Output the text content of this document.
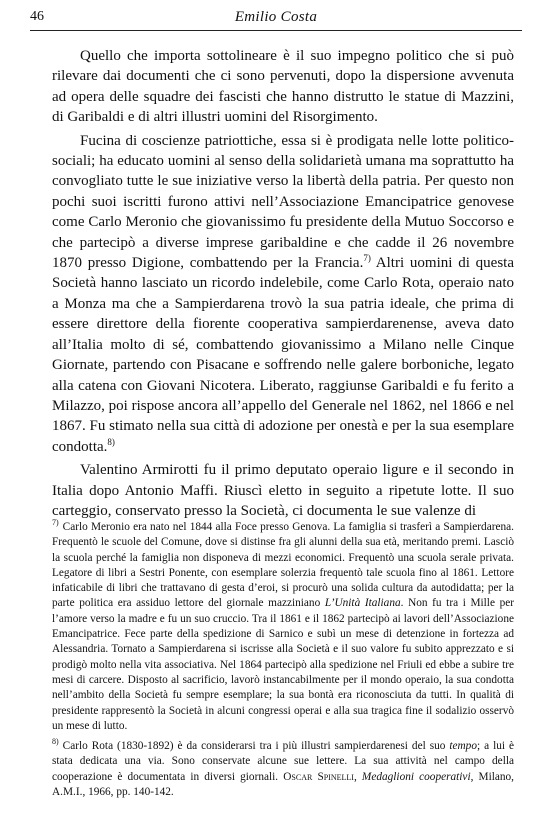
46	Emilio Costa

Quello che importa sottolineare è il suo impegno politico che si può rilevare dai documenti che ci sono pervenuti, dopo la dispersione avvenuta ad opera delle squadre dei fascisti che hanno distrutto le statue di Mazzini, di Garibaldi e di altri illustri uomini del Risorgimento.

Fucina di coscienze patriottiche, essa si è prodigata nelle lotte politico-sociali; ha educato uomini al senso della solidarietà umana ma soprattutto ha convogliato tutte le sue iniziative verso la libertà della patria. Per questo non pochi suoi iscritti furono attivi nell’Associazione Emancipatrice genovese come Carlo Meronio che giovanissimo fu presidente della Mutuo Soccorso e che partecipò a diverse imprese garibaldine e che cadde il 26 novembre 1870 presso Digione, combattendo per la Francia.$^{7)}$ Altri uomini di questa Società hanno lasciato un ricordo indelebile, come Carlo Rota, operaio nato a Monza ma che a Sampierdarena trovò la sua patria ideale, che prima di essere direttore della fiorente cooperativa sampierdarenense, aveva dato all’Italia molto di sé, combattendo giovanissimo a Milano nelle Cinque Giornate, partendo con Pisacane e soffrendo nelle galere borboniche, legato alla catena con Giovani Nicotera. Liberato, raggiunse Garibaldi e fu ferito a Milazzo, poi rispose ancora all’appello del Generale nel 1862, nel 1866 e nel 1867. Fu stimato nella sua città di adozione per onestà e per la sua esemplare condotta.$^{8)}$

Valentino Armirotti fu il primo deputato operaio ligure e il secondo in Italia dopo Antonio Maffi. Riuscì eletto in seguito a ripetute lotte. Il suo carteggio, conservato presso la Società, ci documenta le sue valenze di

$^{7)}$ Carlo Meronio era nato nel 1844 alla Foce presso Genova. La famiglia si trasferì a Sampierdarena. Frequentò le scuole del Comune, dove si distinse fra gli alunni della sua età, meritando premi. Lasciò la scuola perché la famiglia non disponeva di mezzi economici. Frequentò una scuola serale privata. Legatore di libri a Sestri Ponente, con esemplare solerzia frequentò tale scuola fino al 1861. Lettore infaticabile di libri che trattavano di gesta d’eroi, si procurò una solida cultura da autodidatta; per la parte politica era assiduo lettore del giornale mazziniano L’Unità Italiana. Non fu tra i Mille per l’amore verso la madre e fu un suo cruccio. Tra il 1861 e il 1862 partecipò ai lavori dell’Associazione Emancipatrice. Fece parte della spedizione di Sarnico e subì un mese di detenzione in fortezza ad Alessandria. Tornato a Sampierdarena si iscrisse alla Società e il suo valore fu subito apprezzato e si prodigò molto nella vita associativa. Nel 1864 partecipò alla spedizione nel Friuli ed ebbe a subire tre mesi di carcere. Disposto al sacrificio, lavorò instancabilmente per il mondo operaio, la sua condotta nell’ambito della Società fu sempre esemplare; la sua bontà era riconosciuta da tutti. In qualità di presidente rappresentò la Società in alcuni congressi operai e alla sua tragica fine il sodalizio osservò un mese di lutto.

$^{8)}$ Carlo Rota (1830-1892) è da considerarsi tra i più illustri sampierdarenesi del suo tempo; a lui è stata dedicata una via. Sono conservate alcune sue lettere. La sua attività nel campo della cooperazione è documentata in diversi giornali. Oscar Spinelli, Medaglioni cooperativi, Milano, A.M.I., 1966, pp. 140-142.
